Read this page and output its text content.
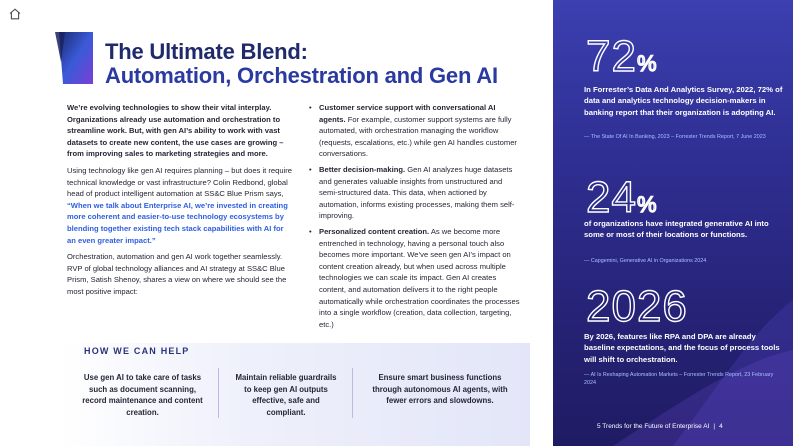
The Ultimate Blend:
Automation, Orchestration and Gen AI

We’re evolving technologies to show their vital interplay. Organizations already use automation and orchestration to streamline work. But, with gen AI’s ability to work with vast datasets to create new content, the use cases are growing – from improving sales to marketing strategies and more.

Using technology like gen AI requires planning – but does it require technical knowledge or vast infrastructure? Colin Redbond, global head of product intelligent automation at SS&C Blue Prism says, “When we talk about Enterprise AI, we’re invested in creating more coherent and easier-to-use technology ecosystems by blending together existing tech stack capabilities with AI for an even greater impact.”

Orchestration, automation and gen AI work together seamlessly. RVP of global technology alliances and AI strategy at SS&C Blue Prism, Satish Shenoy, shares a view on where we should see the most positive impact:

• Customer service support with conversational AI agents. For example, customer support systems are fully automated, with orchestration managing the workflow (requests, escalations, etc.) while gen AI handles customer conversations.
• Better decision-making. Gen AI analyzes huge datasets and generates valuable insights from unstructured and semi-structured data. This data, when actioned by automation, informs existing processes, making them self-improving.
• Personalized content creation. As we become more entrenched in technology, having a personal touch also becomes more important. We’ve seen gen AI’s impact on content creation already, but when used across multiple technologies we can scale its impact. Gen AI creates content, and automation delivers it to the right people automatically while orchestration coordinates the processes into a single workflow (creation, data collection, targeting, etc.)
HOW WE CAN HELP
Use gen AI to take care of tasks such as document scanning, record maintenance and content creation.
Maintain reliable guardrails to keep gen AI outputs effective, safe and compliant.
Ensure smart business functions through autonomous AI agents, with fewer errors and slowdowns.
72%
In Forrester’s Data And Analytics Survey, 2022, 72% of data and analytics technology decision-makers in banking report that their organization is adopting AI.
— The State Of AI In Banking, 2023 – Forrester Trends Report, 7 June 2023
24%
of organizations have integrated generative AI into some or most of their locations or functions.
— Capgemini, Generative AI in Organizations 2024
2026
By 2026, features like RPA and DPA are already baseline expectations, and the focus of process tools will shift to orchestration.
— AI Is Reshaping Automation Markets – Forrester Trends Report, 23 February 2024
5 Trends for the Future of Enterprise AI | 4
